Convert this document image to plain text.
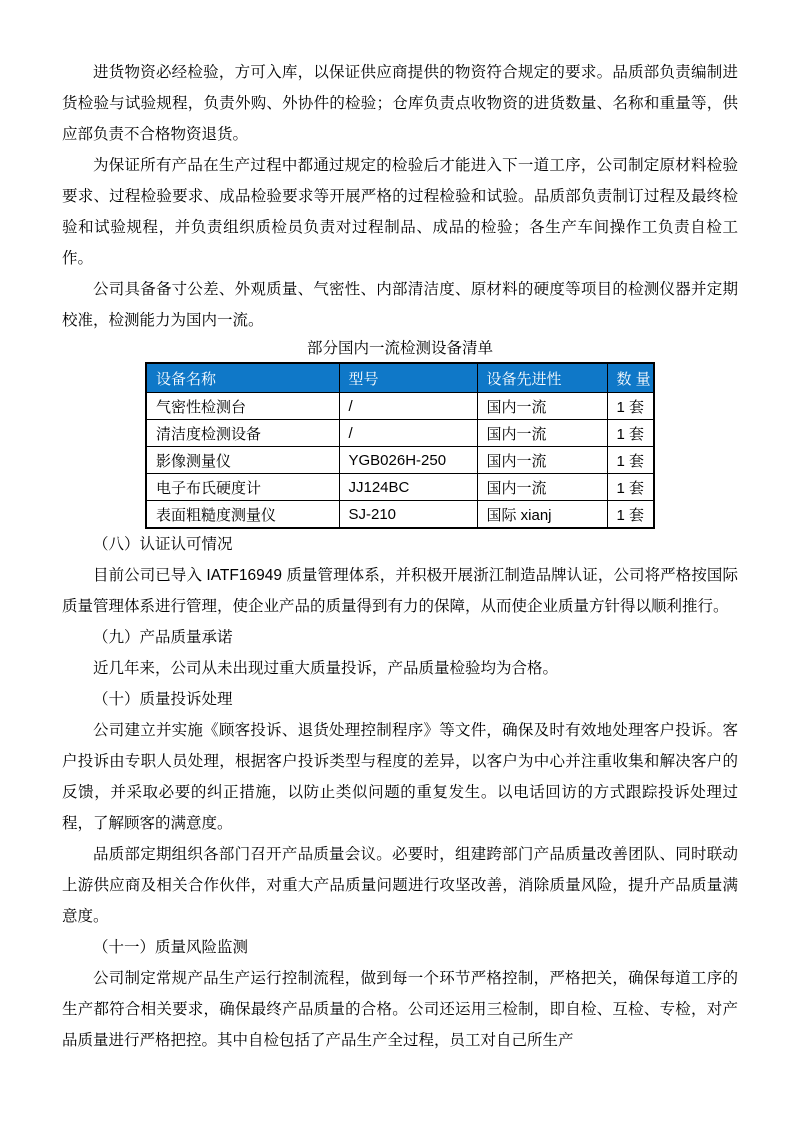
进货物资必经检验，方可入库，以保证供应商提供的物资符合规定的要求。品质部负责编制进货检验与试验规程，负责外购、外协件的检验；仓库负责点收物资的进货数量、名称和重量等，供应部负责不合格物资退货。

为保证所有产品在生产过程中都通过规定的检验后才能进入下一道工序，公司制定原材料检验要求、过程检验要求、成品检验要求等开展严格的过程检验和试验。品质部负责制订过程及最终检验和试验规程，并负责组织质检员负责对过程制品、成品的检验；各生产车间操作工负责自检工作。

公司具备备寸公差、外观质量、气密性、内部清洁度、原材料的硬度等项目的检测仪器并定期校准，检测能力为国内一流。

部分国内一流检测设备清单

设备名称	型号	设备先进性	数 量
气密性检测台	/	国内一流	1 套
清洁度检测设备	/	国内一流	1 套
影像测量仪	YGB026H-250	国内一流	1 套
电子布氏硬度计	JJ124BC	国内一流	1 套
表面粗糙度测量仪	SJ-210	国际 xianj	1 套

（八）认证认可情况

目前公司已导入 IATF16949 质量管理体系，并积极开展浙江制造品牌认证，公司将严格按国际质量管理体系进行管理，使企业产品的质量得到有力的保障，从而使企业质量方针得以顺利推行。

（九）产品质量承诺

近几年来，公司从未出现过重大质量投诉，产品质量检验均为合格。

（十）质量投诉处理

公司建立并实施《顾客投诉、退货处理控制程序》等文件，确保及时有效地处理客户投诉。客户投诉由专职人员处理，根据客户投诉类型与程度的差异，以客户为中心并注重收集和解决客户的反馈，并采取必要的纠正措施，以防止类似问题的重复发生。以电话回访的方式跟踪投诉处理过程，了解顾客的满意度。

品质部定期组织各部门召开产品质量会议。必要时，组建跨部门产品质量改善团队、同时联动上游供应商及相关合作伙伴，对重大产品质量问题进行攻坚改善，消除质量风险，提升产品质量满意度。

（十一）质量风险监测

公司制定常规产品生产运行控制流程，做到每一个环节严格控制，严格把关，确保每道工序的生产都符合相关要求，确保最终产品质量的合格。公司还运用三检制，即自检、互检、专检，对产品质量进行严格把控。其中自检包括了产品生产全过程，员工对自己所生产
